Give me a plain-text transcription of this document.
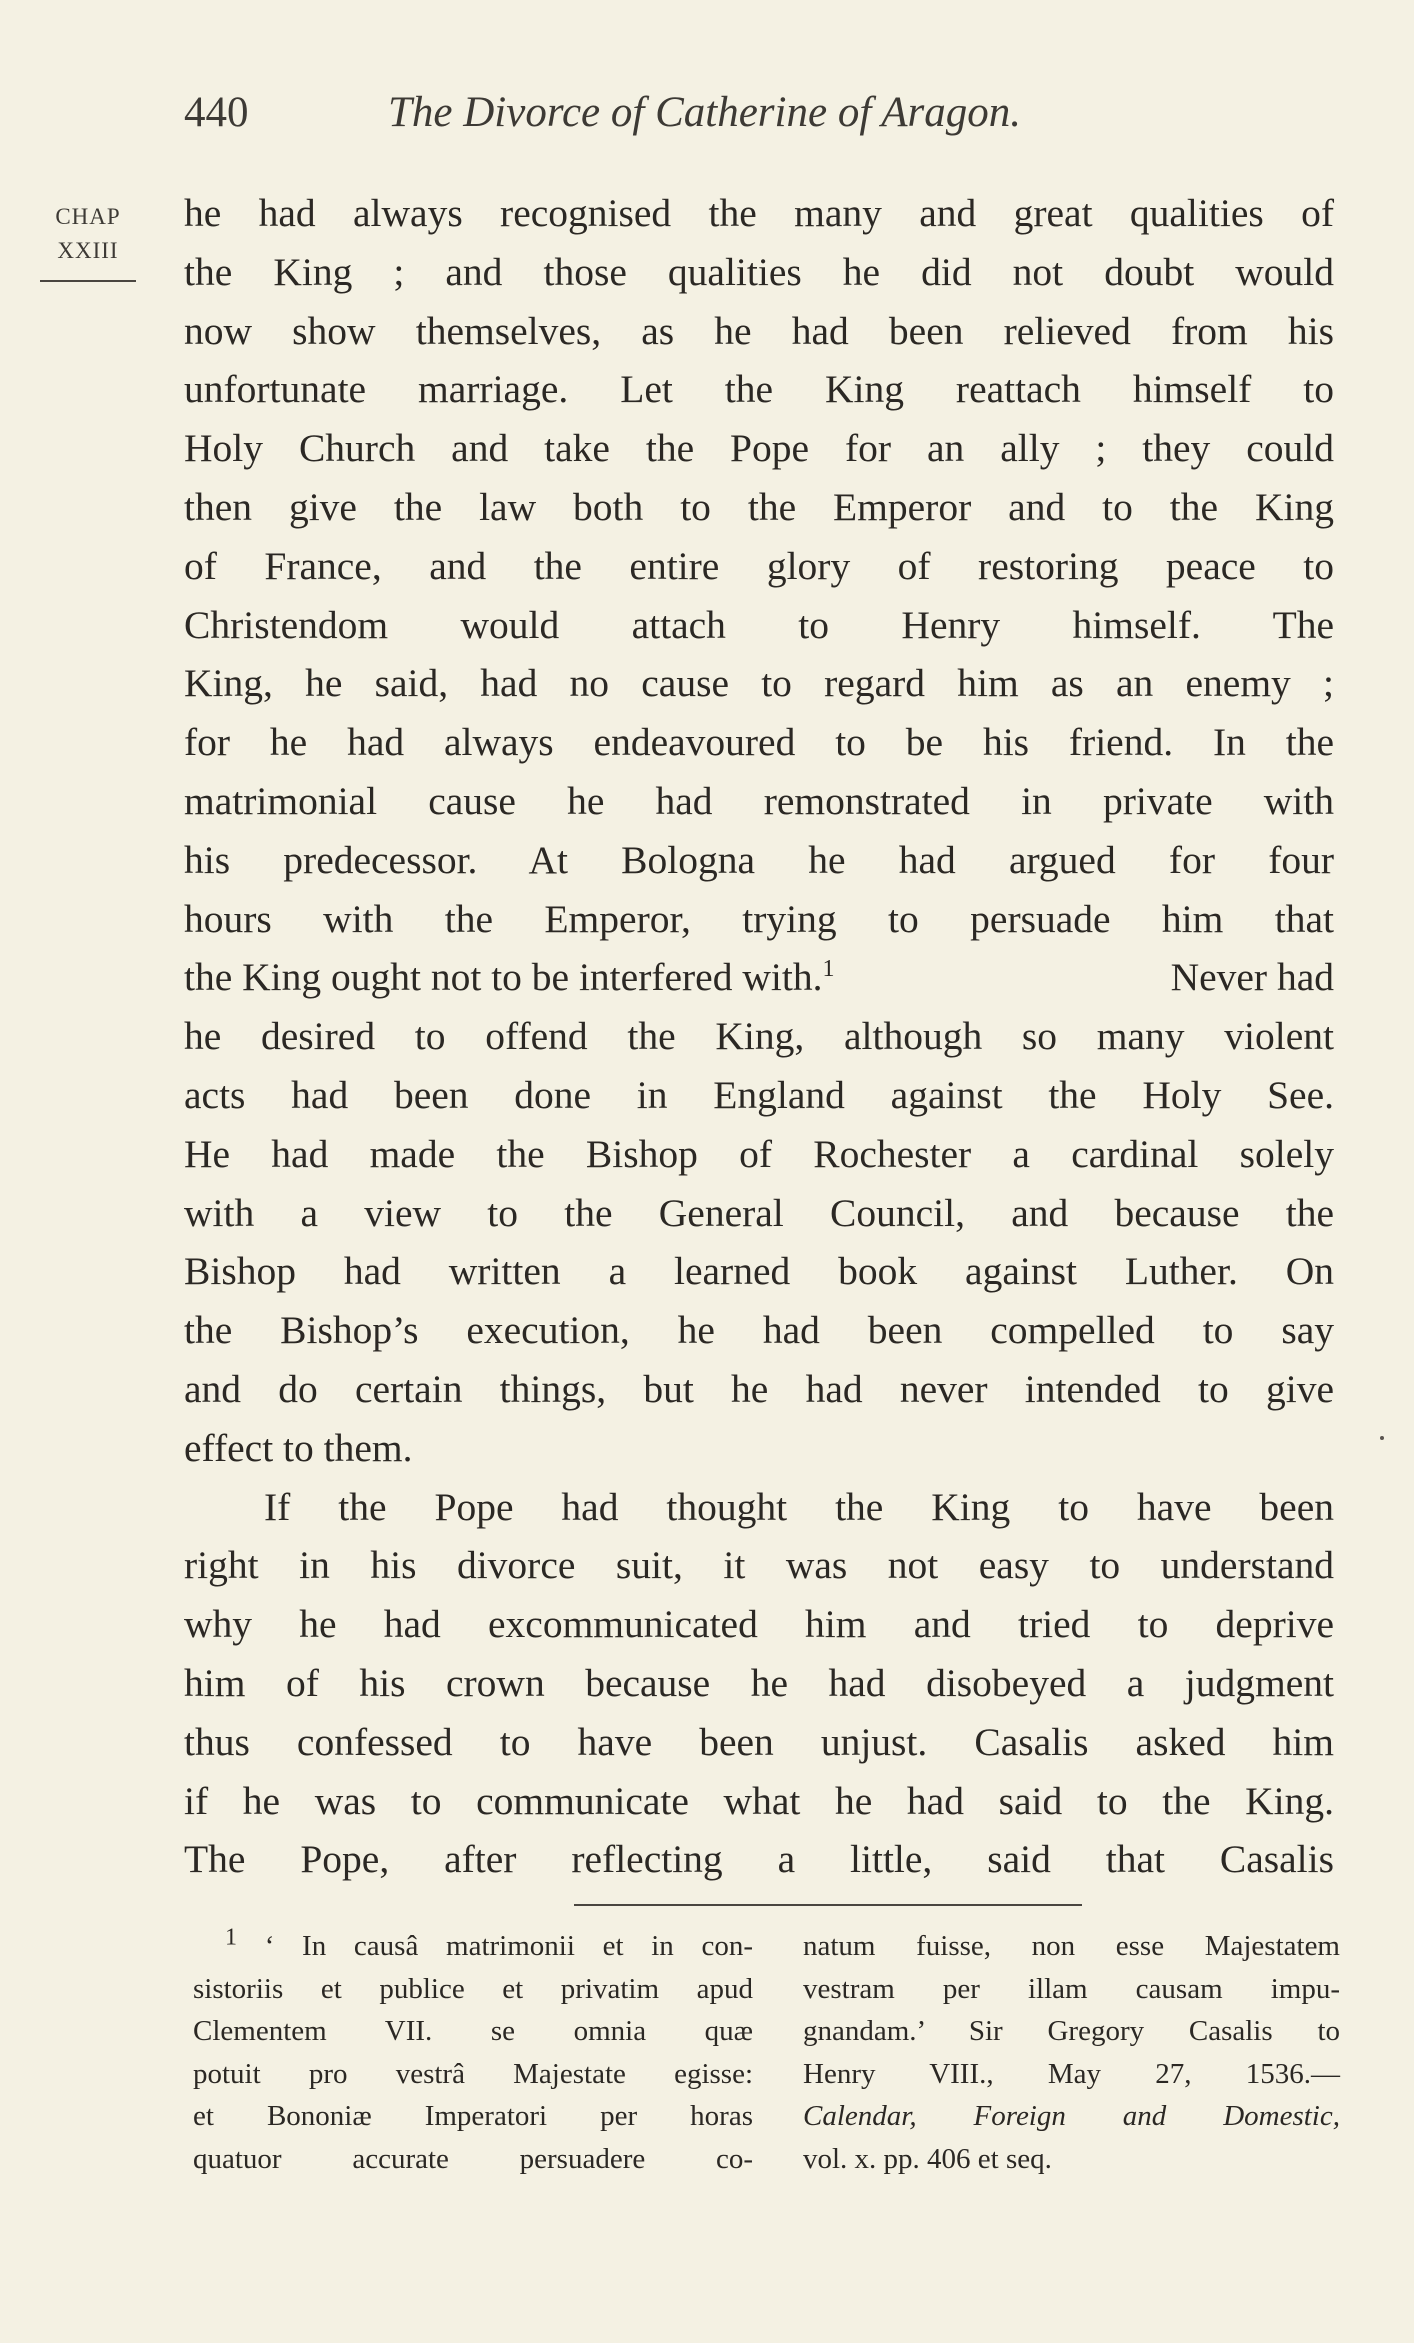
440	The Divorce of Catherine of Aragon.
CHAP
XXIII
he had always recognised the many and great qualities of
the King ; and those qualities he did not doubt would
now show themselves, as he had been relieved from his
unfortunate marriage. Let the King reattach himself to
Holy Church and take the Pope for an ally ; they could
then give the law both to the Emperor and to the King
of France, and the entire glory of restoring peace to
Christendom would attach to Henry himself. The
King, he said, had no cause to regard him as an enemy ;
for he had always endeavoured to be his friend. In the
matrimonial cause he had remonstrated in private with
his predecessor. At Bologna he had argued for four
hours with the Emperor, trying to persuade him that
the King ought not to be interfered with.$^1$	Never had
he desired to offend the King, although so many violent
acts had been done in England against the Holy See.
He had made the Bishop of Rochester a cardinal solely
with a view to the General Council, and because the
Bishop had written a learned book against Luther. On
the Bishop’s execution, he had been compelled to say
and do certain things, but he had never intended to give
effect to them.
If the Pope had thought the King to have been
right in his divorce suit, it was not easy to understand
why he had excommunicated him and tried to deprive
him of his crown because he had disobeyed a judgment
thus confessed to have been unjust. Casalis asked him
if he was to communicate what he had said to the King.
The Pope, after reflecting a little, said that Casalis
$^1$ ‘ In causâ matrimonii et in con-
sistoriis et publice et privatim apud
Clementem VII. se omnia quæ
potuit pro vestrâ Majestate egisse:
et Bononiæ Imperatori per horas
quatuor accurate persuadere co-
natum fuisse, non esse Majestatem
vestram per illam causam impu-
gnandam.’ Sir Gregory Casalis to
Henry VIII., May 27, 1536.—
Calendar, Foreign and Domestic,
vol. x. pp. 406 et seq.
